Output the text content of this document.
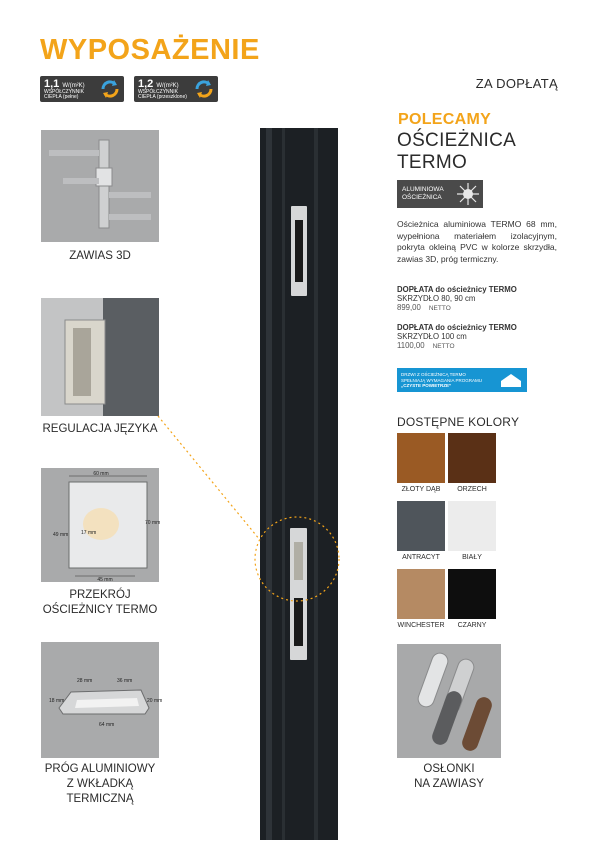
WYPOSAŻENIE
1,1 W/(m²K)
WSPÓŁCZYNNIK
CIEPŁA (pełne)
1,2 W/(m²K)
WSPÓŁCZYNNIK
CIEPŁA (przeszklone)
ZA DOPŁATĄ
ZAWIAS 3D
REGULACJA JĘZYKA
60 mm
49 mm	17 mm
70 mm
45 mm
PRZEKRÓJ
OŚCIEŻNICY TERMO
28 mm	36 mm
18 mm	20 mm
64 mm
PRÓG ALUMINIOWY
Z WKŁADKĄ
TERMICZNĄ
POLECAMY
OŚCIEŻNICA
TERMO
ALUMINIOWA
OŚCIEŻNICA
Ościeżnica aluminiowa TERMO 68 mm, wypełniona materiałem izolacyjnym, pokryta okleiną PVC w kolorze skrzydła, zawias 3D, próg termiczny.
DOPŁATA do ościeżnicy TERMO
SKRZYDŁO 80, 90 cm
899,00 NETTO
DOPŁATA do ościeżnicy TERMO
SKRZYDŁO 100 cm
1100,00 NETTO
DRZWI Z OŚCIEŻNICĄ TERMO
SPEŁNIAJĄ WYMAGANIA PROGRAMU
„CZYSTE POWIETRZE”
DOSTĘPNE KOLORY
ZŁOTY DĄB	ORZECH
ANTRACYT	BIAŁY
WINCHESTER	CZARNY
OSŁONKI
NA ZAWIASY
